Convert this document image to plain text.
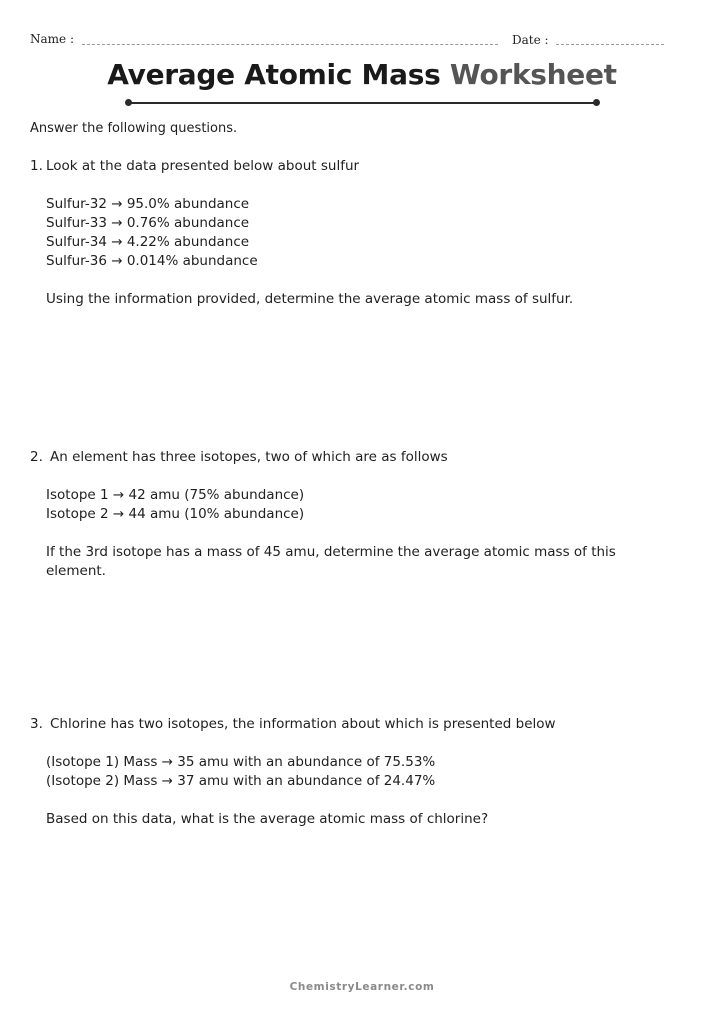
Name :	Date :
Average Atomic Mass Worksheet
Answer the following questions.
1. Look at the data presented below about sulfur
Sulfur-32 → 95.0% abundance
Sulfur-33 → 0.76% abundance
Sulfur-34 → 4.22% abundance
Sulfur-36 → 0.014% abundance
Using the information provided, determine the average atomic mass of sulfur.
2. An element has three isotopes, two of which are as follows
Isotope 1 → 42 amu (75% abundance)
Isotope 2 → 44 amu (10% abundance)
If the 3rd isotope has a mass of 45 amu, determine the average atomic mass of this element.
3. Chlorine has two isotopes, the information about which is presented below
(Isotope 1) Mass → 35 amu with an abundance of 75.53%
(Isotope 2) Mass → 37 amu with an abundance of 24.47%
Based on this data, what is the average atomic mass of chlorine?
ChemistryLearner.com
